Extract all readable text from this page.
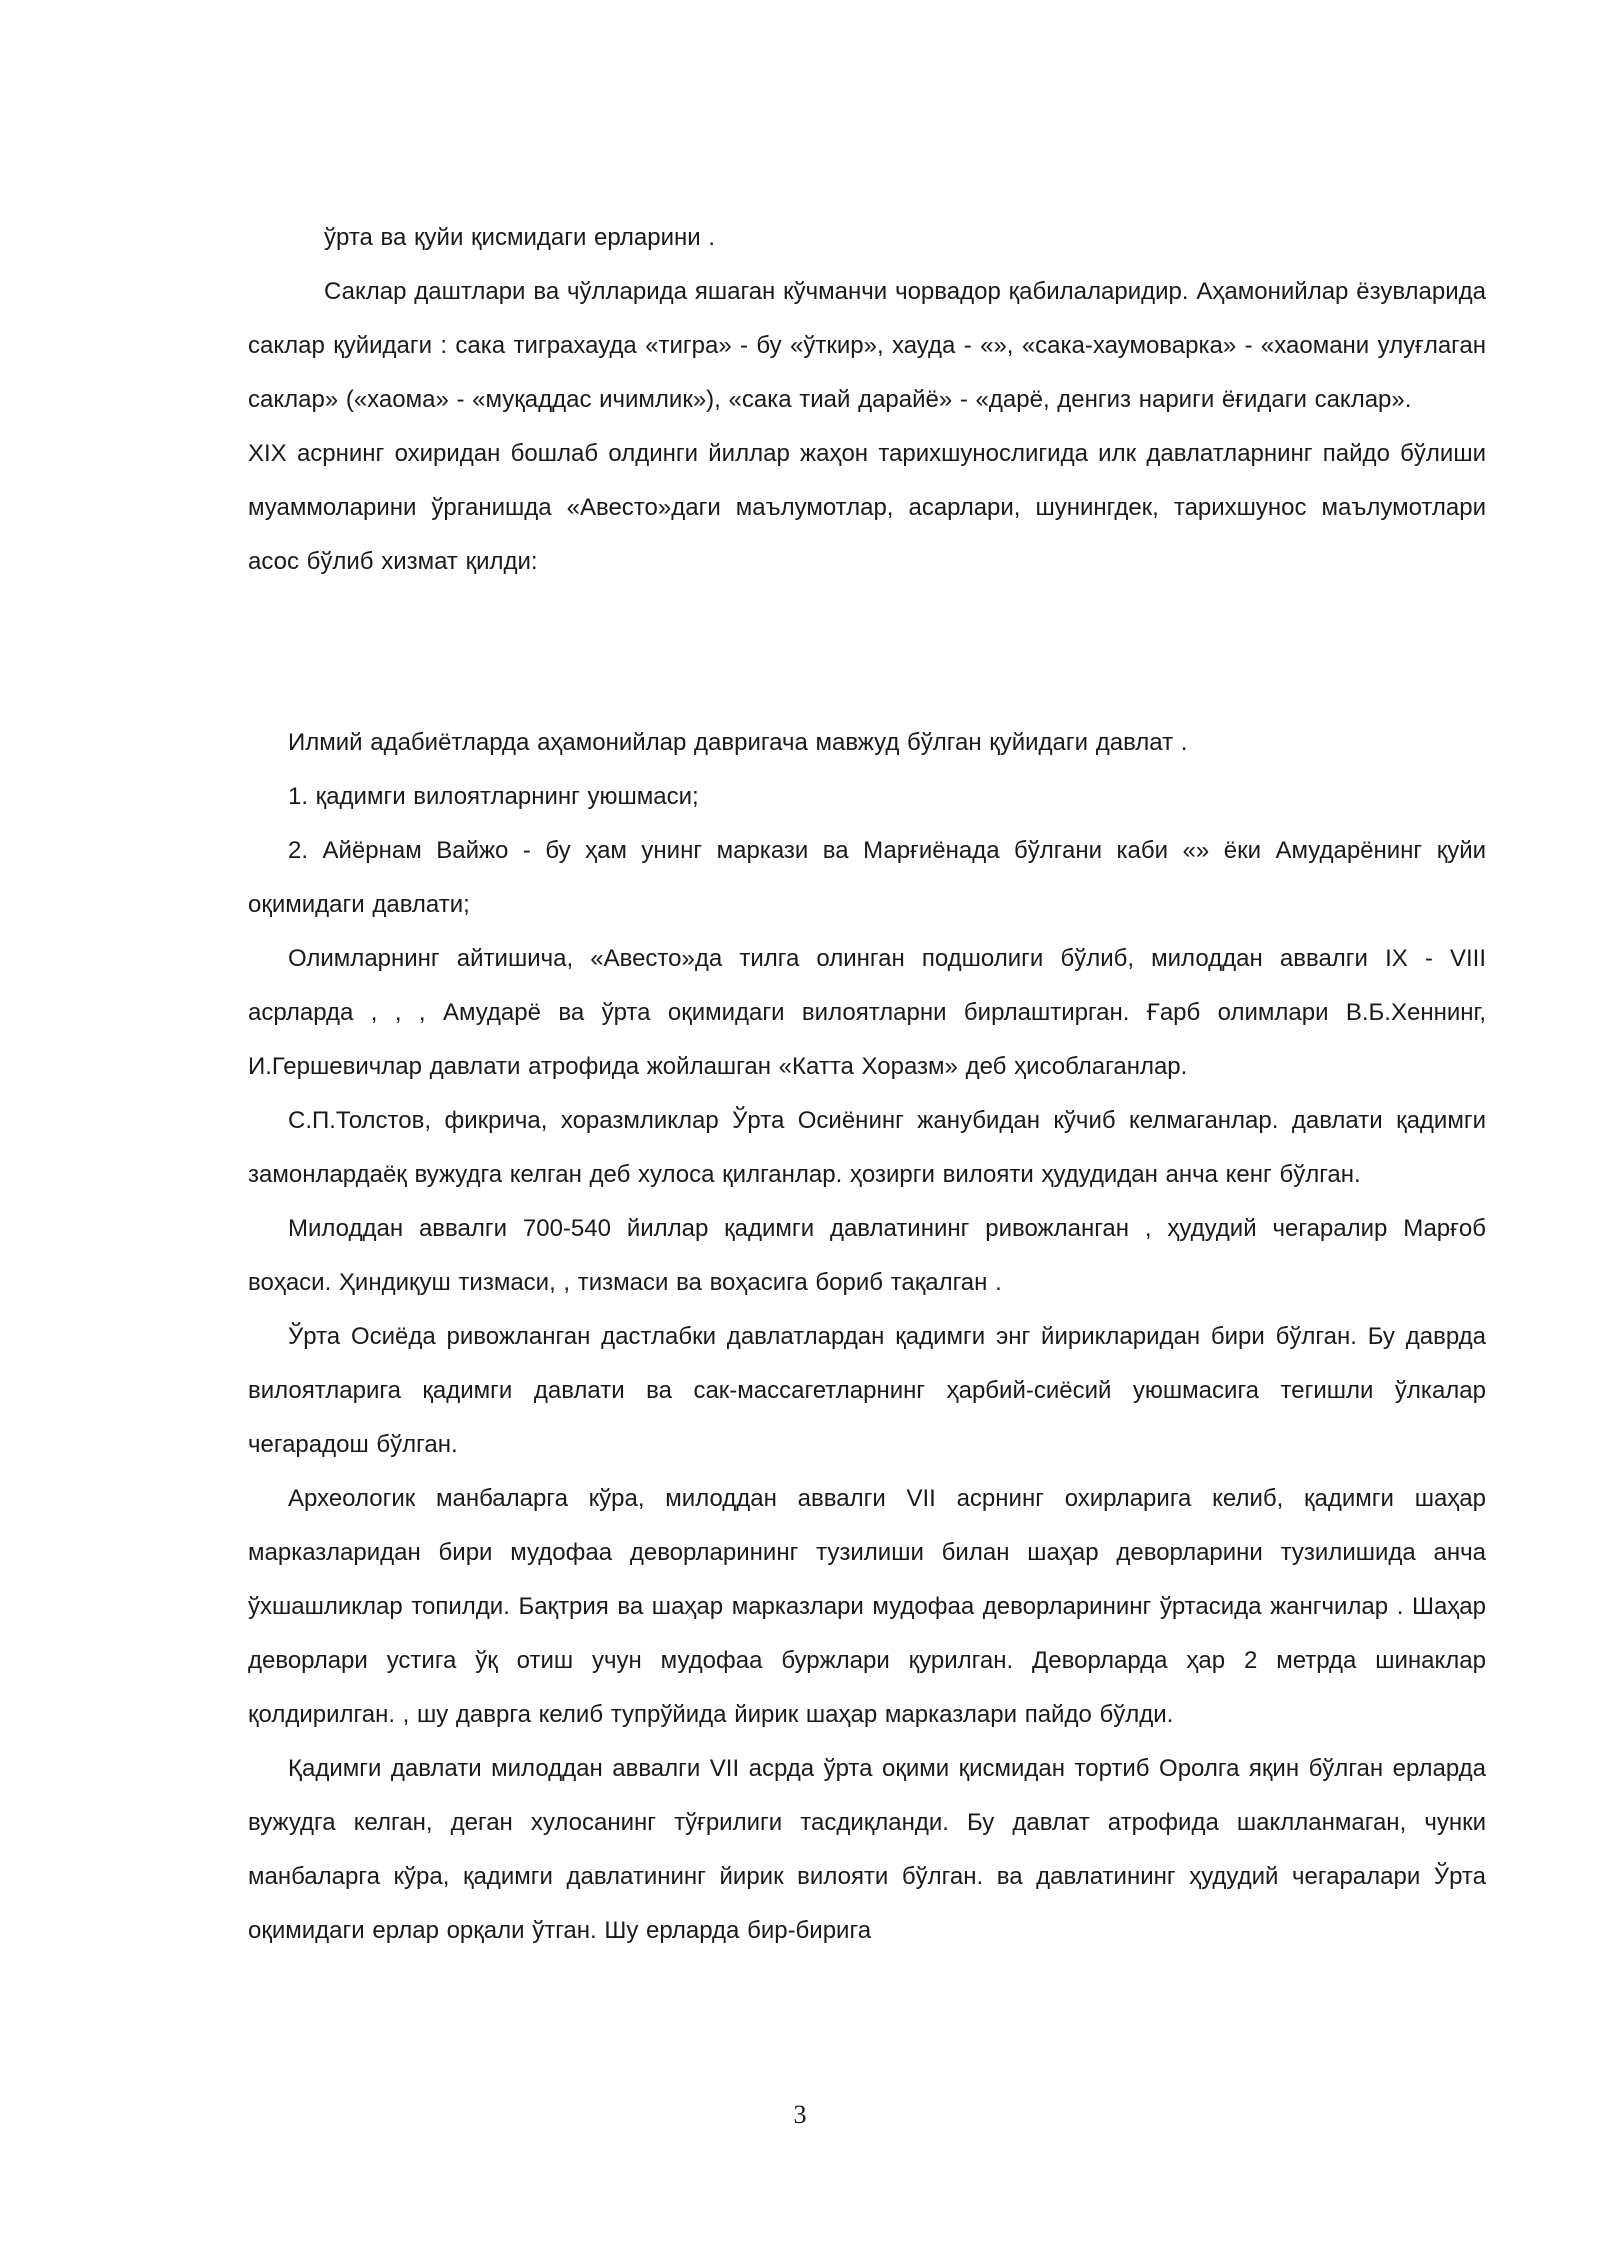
ўрта ва қуйи қисмидаги ерларини .

Саклар даштлари ва чўлларида яшаган кўчманчи чорвадор қабилаларидир. Аҳамонийлар ёзувларида саклар қуйидаги : сака тиграхауда «тигра» - бу «ўткир», хауда - «», «сака-хаумоварка» - «хаомани улуғлаган саклар» («хаома» - «муқаддас ичимлик»), «сака тиай дарайё» - «дарё, денгиз нариги ёғидаги саклар».

XIX асрнинг охиридан бошлаб олдинги йиллар жаҳон тарихшунослигида илк давлатларнинг пайдо бўлиши муаммоларини ўрганишда «Авесто»даги маълумотлар, асарлари, шунингдек, тарихшунос маълумотлари асос бўлиб хизмат қилди:

Илмий адабиётларда аҳамонийлар давригача мавжуд бўлган қуйидаги давлат .

1. қадимги вилоятларнинг уюшмаси;

2. Айёрнам Вайжо - бу ҳам унинг маркази ва Марғиёнада бўлгани каби «» ёки Амударёнинг қуйи оқимидаги давлати;

Олимларнинг айтишича, «Авесто»да тилга олинган подшолиги бўлиб, милоддан аввалги IX - VIII асрларда , , , Амударё ва ўрта оқимидаги вилоятларни бирлаштирган. Ғарб олимлари В.Б.Хеннинг, И.Гершевичлар давлати атрофида жойлашган «Катта Хоразм» деб ҳисоблаганлар.

С.П.Толстов, фикрича, хоразмликлар Ўрта Осиёнинг жанубидан кўчиб келмаганлар. давлати қадимги замонлардаёқ вужудга келган деб хулоса қилганлар. ҳозирги вилояти ҳудудидан анча кенг бўлган.

Милоддан аввалги 700-540 йиллар қадимги давлатининг ривожланган , ҳудудий чегаралир Марғоб воҳаси. Ҳиндиқуш тизмаси, , тизмаси ва воҳасига бориб тақалган .

Ўрта Осиёда ривожланган дастлабки давлатлардан қадимги энг йирикларидан бири бўлган. Бу даврда вилоятларига қадимги давлати ва сак-массагетларнинг ҳарбий-сиёсий уюшмасига тегишли ўлкалар чегарадош бўлган.

Археологик манбаларга кўра, милоддан аввалги VII асрнинг охирларига келиб, қадимги шаҳар марказларидан бири мудофаа деворларининг тузилиши билан шаҳар деворларини тузилишида анча ўхшашликлар топилди. Бақтрия ва шаҳар марказлари мудофаа деворларининг ўртасида жангчилар . Шаҳар деворлари устига ўқ отиш учун мудофаа буржлари қурилган. Деворларда ҳар 2 метрда шинаклар қолдирилган. , шу даврга келиб тупрўйида йирик шаҳар марказлари пайдо бўлди.

Қадимги давлати милоддан аввалги VII асрда ўрта оқими қисмидан тортиб Оролга яқин бўлган ерларда вужудга келган, деган хулосанинг тўғрилиги тасдиқланди. Бу давлат атрофида шаклланмаган, чунки манбаларга кўра, қадимги давлатининг йирик вилояти бўлган. ва давлатининг ҳудудий чегаралари Ўрта оқимидаги ерлар орқали ўтган. Шу ерларда бир-бирига

3
